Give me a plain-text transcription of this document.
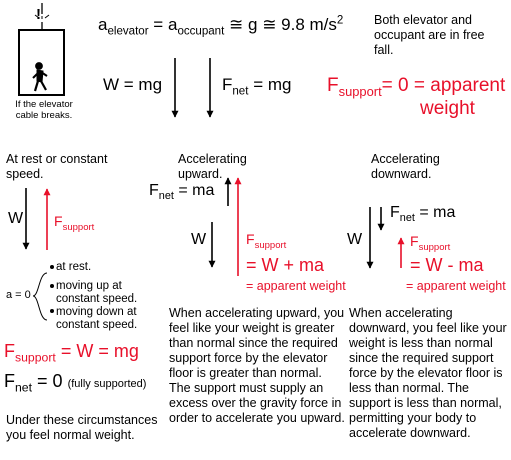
!
If the elevator cable breaks.
$a_{elevator} = a_{occupant}$ ≅ g ≅ 9.8 $m/s^2$ Both elevator and occupant are in free fall.
W = mg	$F_{net}$ = mg $F_{support}= 0$ = apparent
weight
At rest or constant speed.
W $F_{support}$
a = 0
at rest.
moving up at constant speed.
moving down at constant speed.
$F_{support} = W$ = mg
$F_{net} = 0$ (fully supported)
Under these circumstances you feel normal weight.
Accelerating upward.
$F_{net}$ = ma
W	$F_{support}$
= W + ma
= apparent weight
When accelerating upward, you feel like your weight is greater than normal since the required support force by the elevator floor is greater than normal. The support must supply an excess over the gravity force in order to accelerate you upward.
Accelerating downward.
$F_{net}$ = ma
W	$F_{support}$
= W - ma
= apparent weight
When accelerating downward, you feel like your weight is less than normal since the required support force by the elevator floor is less than normal. The support is less than normal, permitting your body to accelerate downward.
